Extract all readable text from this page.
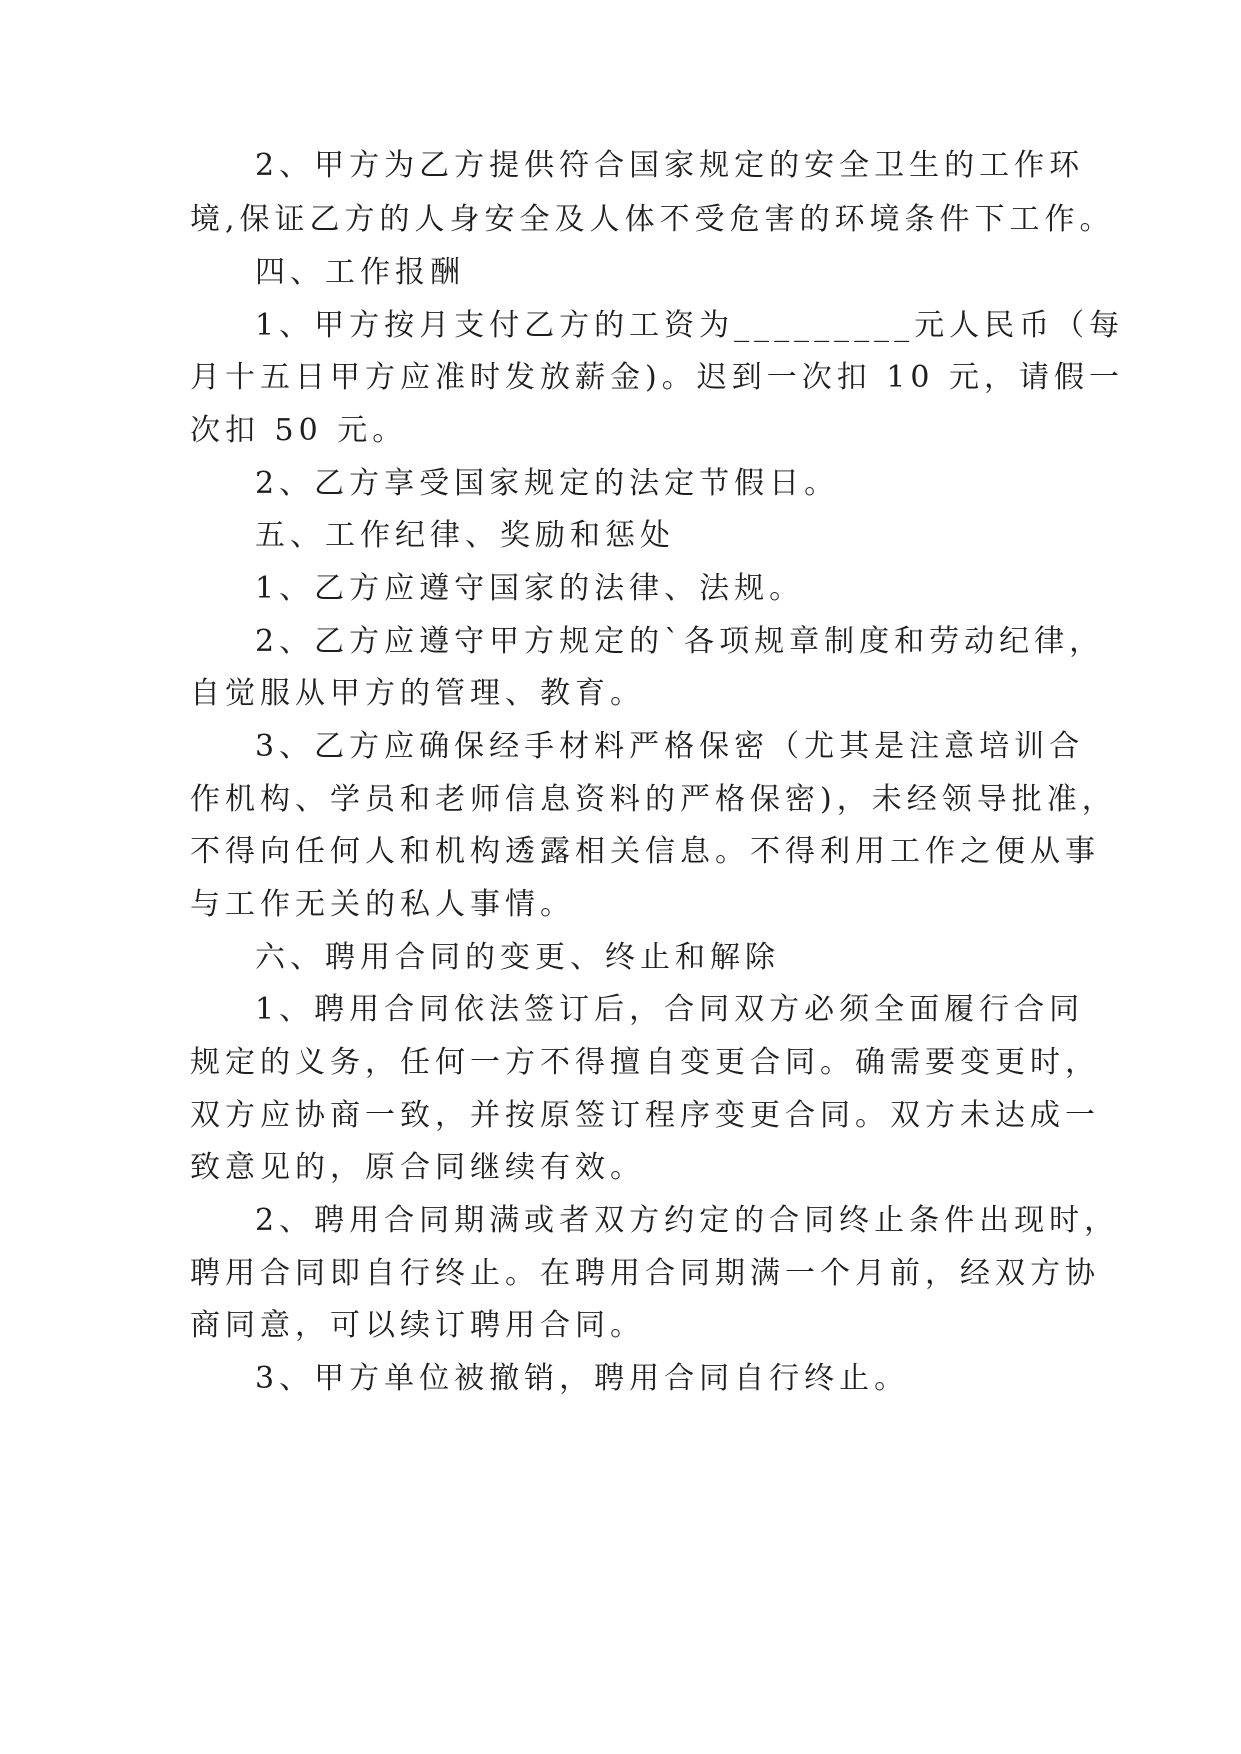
2、甲方为乙方提供符合国家规定的安全卫生的工作环

境,保证乙方的人身安全及人体不受危害的环境条件下工作。

四、工作报酬

1、甲方按月支付乙方的工资为_________元人民币（每

月十五日甲方应准时发放薪金)。迟到一次扣 10 元，请假一

次扣 50 元。

2、乙方享受国家规定的法定节假日。

五、工作纪律、奖励和惩处

1、乙方应遵守国家的法律、法规。

2、乙方应遵守甲方规定的`各项规章制度和劳动纪律，

自觉服从甲方的管理、教育。

3、乙方应确保经手材料严格保密（尤其是注意培训合

作机构、学员和老师信息资料的严格保密)，未经领导批准，

不得向任何人和机构透露相关信息。不得利用工作之便从事

与工作无关的私人事情。

六、聘用合同的变更、终止和解除

1、聘用合同依法签订后，合同双方必须全面履行合同

规定的义务，任何一方不得擅自变更合同。确需要变更时，

双方应协商一致，并按原签订程序变更合同。双方未达成一

致意见的，原合同继续有效。

2、聘用合同期满或者双方约定的合同终止条件出现时，

聘用合同即自行终止。在聘用合同期满一个月前，经双方协

商同意，可以续订聘用合同。

3、甲方单位被撤销，聘用合同自行终止。
